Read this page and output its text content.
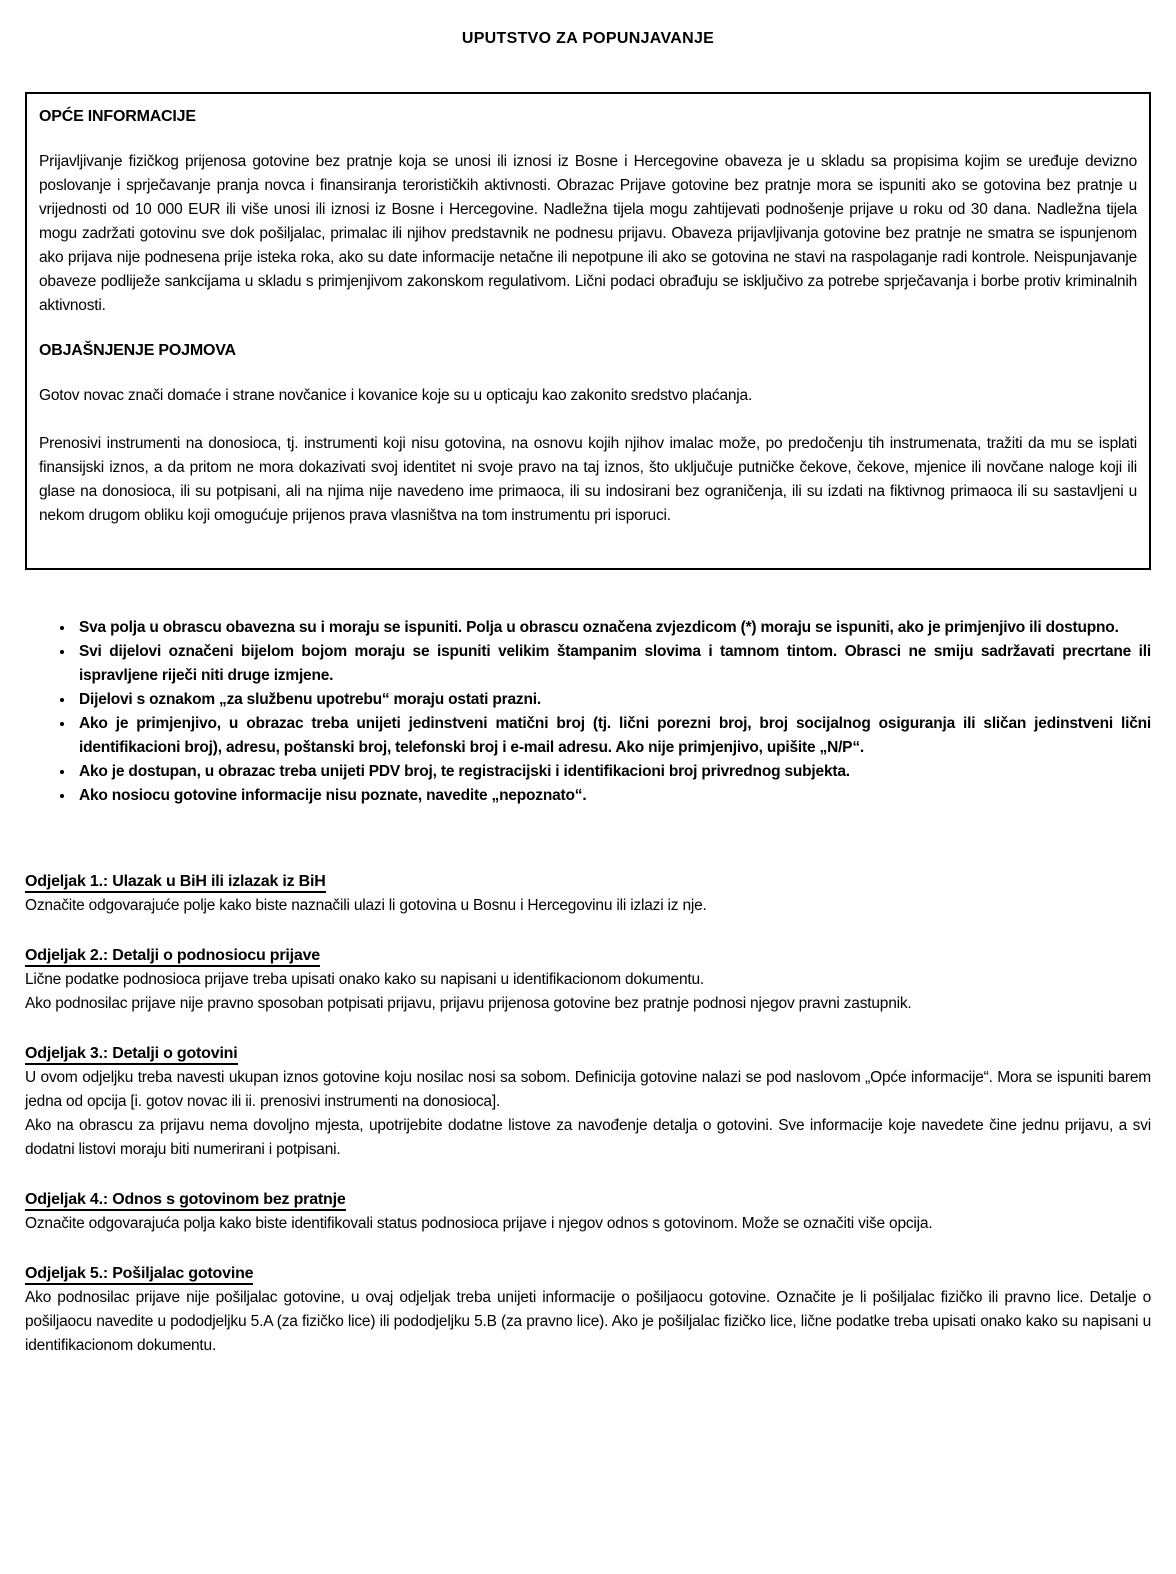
UPUTSTVO ZA POPUNJAVANJE

OPĆE INFORMACIJE

Prijavljivanje fizičkog prijenosa gotovine bez pratnje koja se unosi ili iznosi iz Bosne i Hercegovine obaveza je u skladu sa propisima kojim se uređuje devizno poslovanje i sprječavanje pranja novca i finansiranja terorističkih aktivnosti. Obrazac Prijave gotovine bez pratnje mora se ispuniti ako se gotovina bez pratnje u vrijednosti od 10 000 EUR ili više unosi ili iznosi iz Bosne i Hercegovine. Nadležna tijela mogu zahtijevati podnošenje prijave u roku od 30 dana. Nadležna tijela mogu zadržati gotovinu sve dok pošiljalac, primalac ili njihov predstavnik ne podnesu prijavu. Obaveza prijavljivanja gotovine bez pratnje ne smatra se ispunjenom ako prijava nije podnesena prije isteka roka, ako su date informacije netačne ili nepotpune ili ako se gotovina ne stavi na raspolaganje radi kontrole. Neispunjavanje obaveze podliježe sankcijama u skladu s primjenjivom zakonskom regulativom. Lični podaci obrađuju se isključivo za potrebe sprječavanja i borbe protiv kriminalnih aktivnosti.

OBJAŠNJENJE POJMOVA

Gotov novac znači domaće i strane novčanice i kovanice koje su u opticaju kao zakonito sredstvo plaćanja.

Prenosivi instrumenti na donosioca, tj. instrumenti koji nisu gotovina, na osnovu kojih njihov imalac može, po predočenju tih instrumenata, tražiti da mu se isplati finansijski iznos, a da pritom ne mora dokazivati svoj identitet ni svoje pravo na taj iznos, što uključuje putničke čekove, čekove, mjenice ili novčane naloge koji ili glase na donosioca, ili su potpisani, ali na njima nije navedeno ime primaoca, ili su indosirani bez ograničenja, ili su izdati na fiktivnog primaoca ili su sastavljeni u nekom drugom obliku koji omogućuje prijenos prava vlasništva na tom instrumentu pri isporuci.

• Sva polja u obrascu obavezna su i moraju se ispuniti. Polja u obrascu označena zvjezdicom (*) moraju se ispuniti, ako je primjenjivo ili dostupno.
• Svi dijelovi označeni bijelom bojom moraju se ispuniti velikim štampanim slovima i tamnom tintom. Obrasci ne smiju sadržavati precrtane ili ispravljene riječi niti druge izmjene.
• Dijelovi s oznakom „za službenu upotrebu“ moraju ostati prazni.
• Ako je primjenjivo, u obrazac treba unijeti jedinstveni matični broj (tj. lični porezni broj, broj socijalnog osiguranja ili sličan jedinstveni lični identifikacioni broj), adresu, poštanski broj, telefonski broj i e-mail adresu. Ako nije primjenjivo, upišite „N/P“.
• Ako je dostupan, u obrazac treba unijeti PDV broj, te registracijski i identifikacioni broj privrednog subjekta.
• Ako nosiocu gotovine informacije nisu poznate, navedite „nepoznato“.

Odjeljak 1.: Ulazak u BiH ili izlazak iz BiH

Označite odgovarajuće polje kako biste naznačili ulazi li gotovina u Bosnu i Hercegovinu ili izlazi iz nje.

Odjeljak 2.: Detalji o podnosiocu prijave

Lične podatke podnosioca prijave treba upisati onako kako su napisani u identifikacionom dokumentu.

Ako podnosilac prijave nije pravno sposoban potpisati prijavu, prijavu prijenosa gotovine bez pratnje podnosi njegov pravni zastupnik.

Odjeljak 3.: Detalji o gotovini

U ovom odjeljku treba navesti ukupan iznos gotovine koju nosilac nosi sa sobom. Definicija gotovine nalazi se pod naslovom „Opće informacije“. Mora se ispuniti barem jedna od opcija [i. gotov novac ili ii. prenosivi instrumenti na donosioca].

Ako na obrascu za prijavu nema dovoljno mjesta, upotrijebite dodatne listove za navođenje detalja o gotovini. Sve informacije koje navedete čine jednu prijavu, a svi dodatni listovi moraju biti numerirani i potpisani.

Odjeljak 4.: Odnos s gotovinom bez pratnje

Označite odgovarajuća polja kako biste identifikovali status podnosioca prijave i njegov odnos s gotovinom. Može se označiti više opcija.

Odjeljak 5.: Pošiljalac gotovine

Ako podnosilac prijave nije pošiljalac gotovine, u ovaj odjeljak treba unijeti informacije o pošiljaocu gotovine. Označite je li pošiljalac fizičko ili pravno lice. Detalje o pošiljaocu navedite u pododjeljku 5.A (za fizičko lice) ili pododjeljku 5.B (za pravno lice). Ako je pošiljalac fizičko lice, lične podatke treba upisati onako kako su napisani u identifikacionom dokumentu.
